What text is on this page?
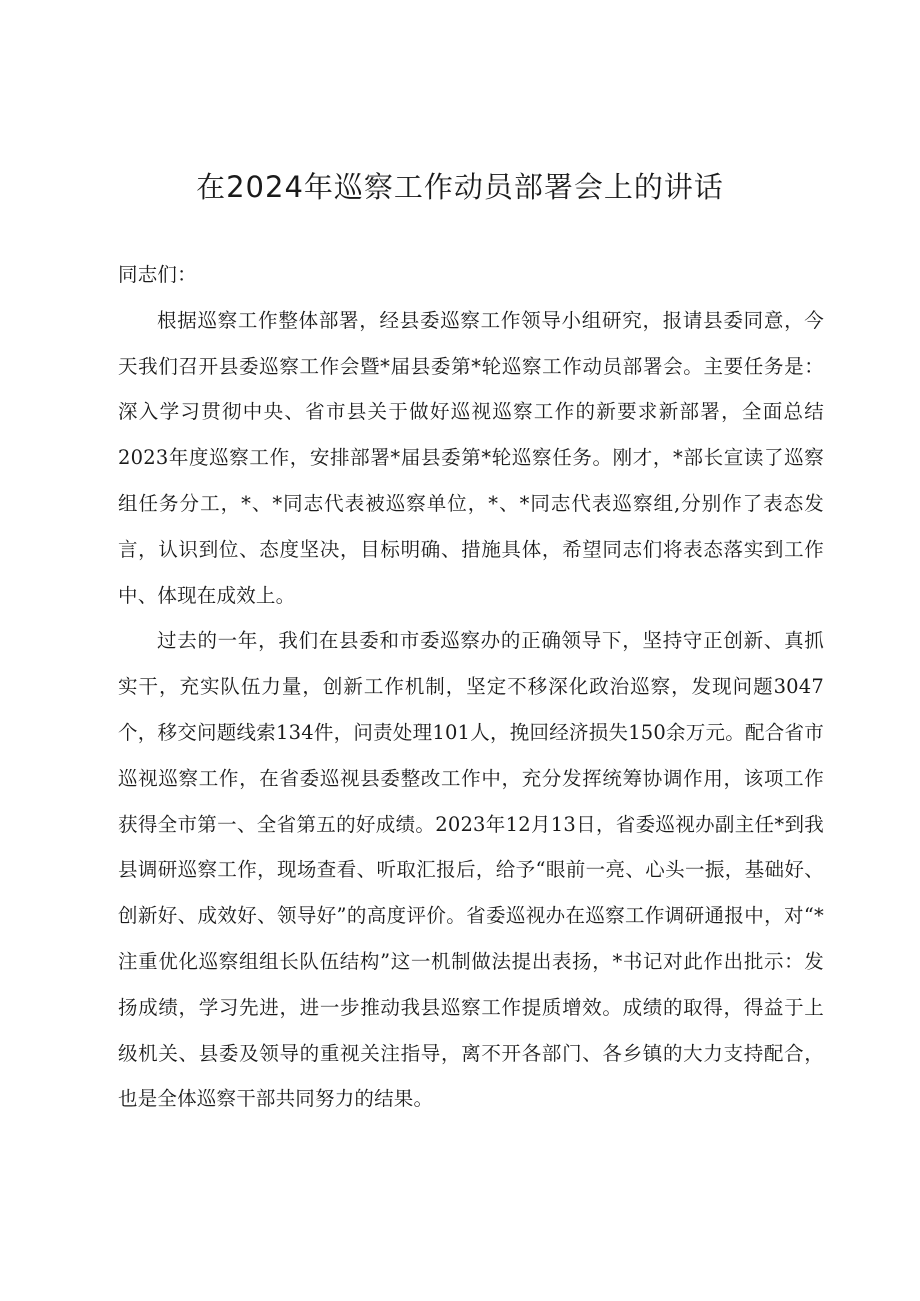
在2024年巡察工作动员部署会上的讲话

同志们：

根据巡察工作整体部署，经县委巡察工作领导小组研究，报请县委同意，今天我们召开县委巡察工作会暨*届县委第*轮巡察工作动员部署会。主要任务是：深入学习贯彻中央、省市县关于做好巡视巡察工作的新要求新部署，全面总结2023年度巡察工作，安排部署*届县委第*轮巡察任务。刚才，*部长宣读了巡察组任务分工，*、*同志代表被巡察单位，*、*同志代表巡察组,分别作了表态发言，认识到位、态度坚决，目标明确、措施具体，希望同志们将表态落实到工作中、体现在成效上。

过去的一年，我们在县委和市委巡察办的正确领导下，坚持守正创新、真抓实干，充实队伍力量，创新工作机制，坚定不移深化政治巡察，发现问题3047个，移交问题线索134件，问责处理101人，挽回经济损失150余万元。配合省市巡视巡察工作，在省委巡视县委整改工作中，充分发挥统筹协调作用，该项工作获得全市第一、全省第五的好成绩。2023年12月13日，省委巡视办副主任*到我县调研巡察工作，现场查看、听取汇报后，给予“眼前一亮、心头一振，基础好、创新好、成效好、领导好”的高度评价。省委巡视办在巡察工作调研通报中，对“*注重优化巡察组组长队伍结构”这一机制做法提出表扬，*书记对此作出批示：发扬成绩，学习先进，进一步推动我县巡察工作提质增效。成绩的取得，得益于上级机关、县委及领导的重视关注指导，离不开各部门、各乡镇的大力支持配合，也是全体巡察干部共同努力的结果。
